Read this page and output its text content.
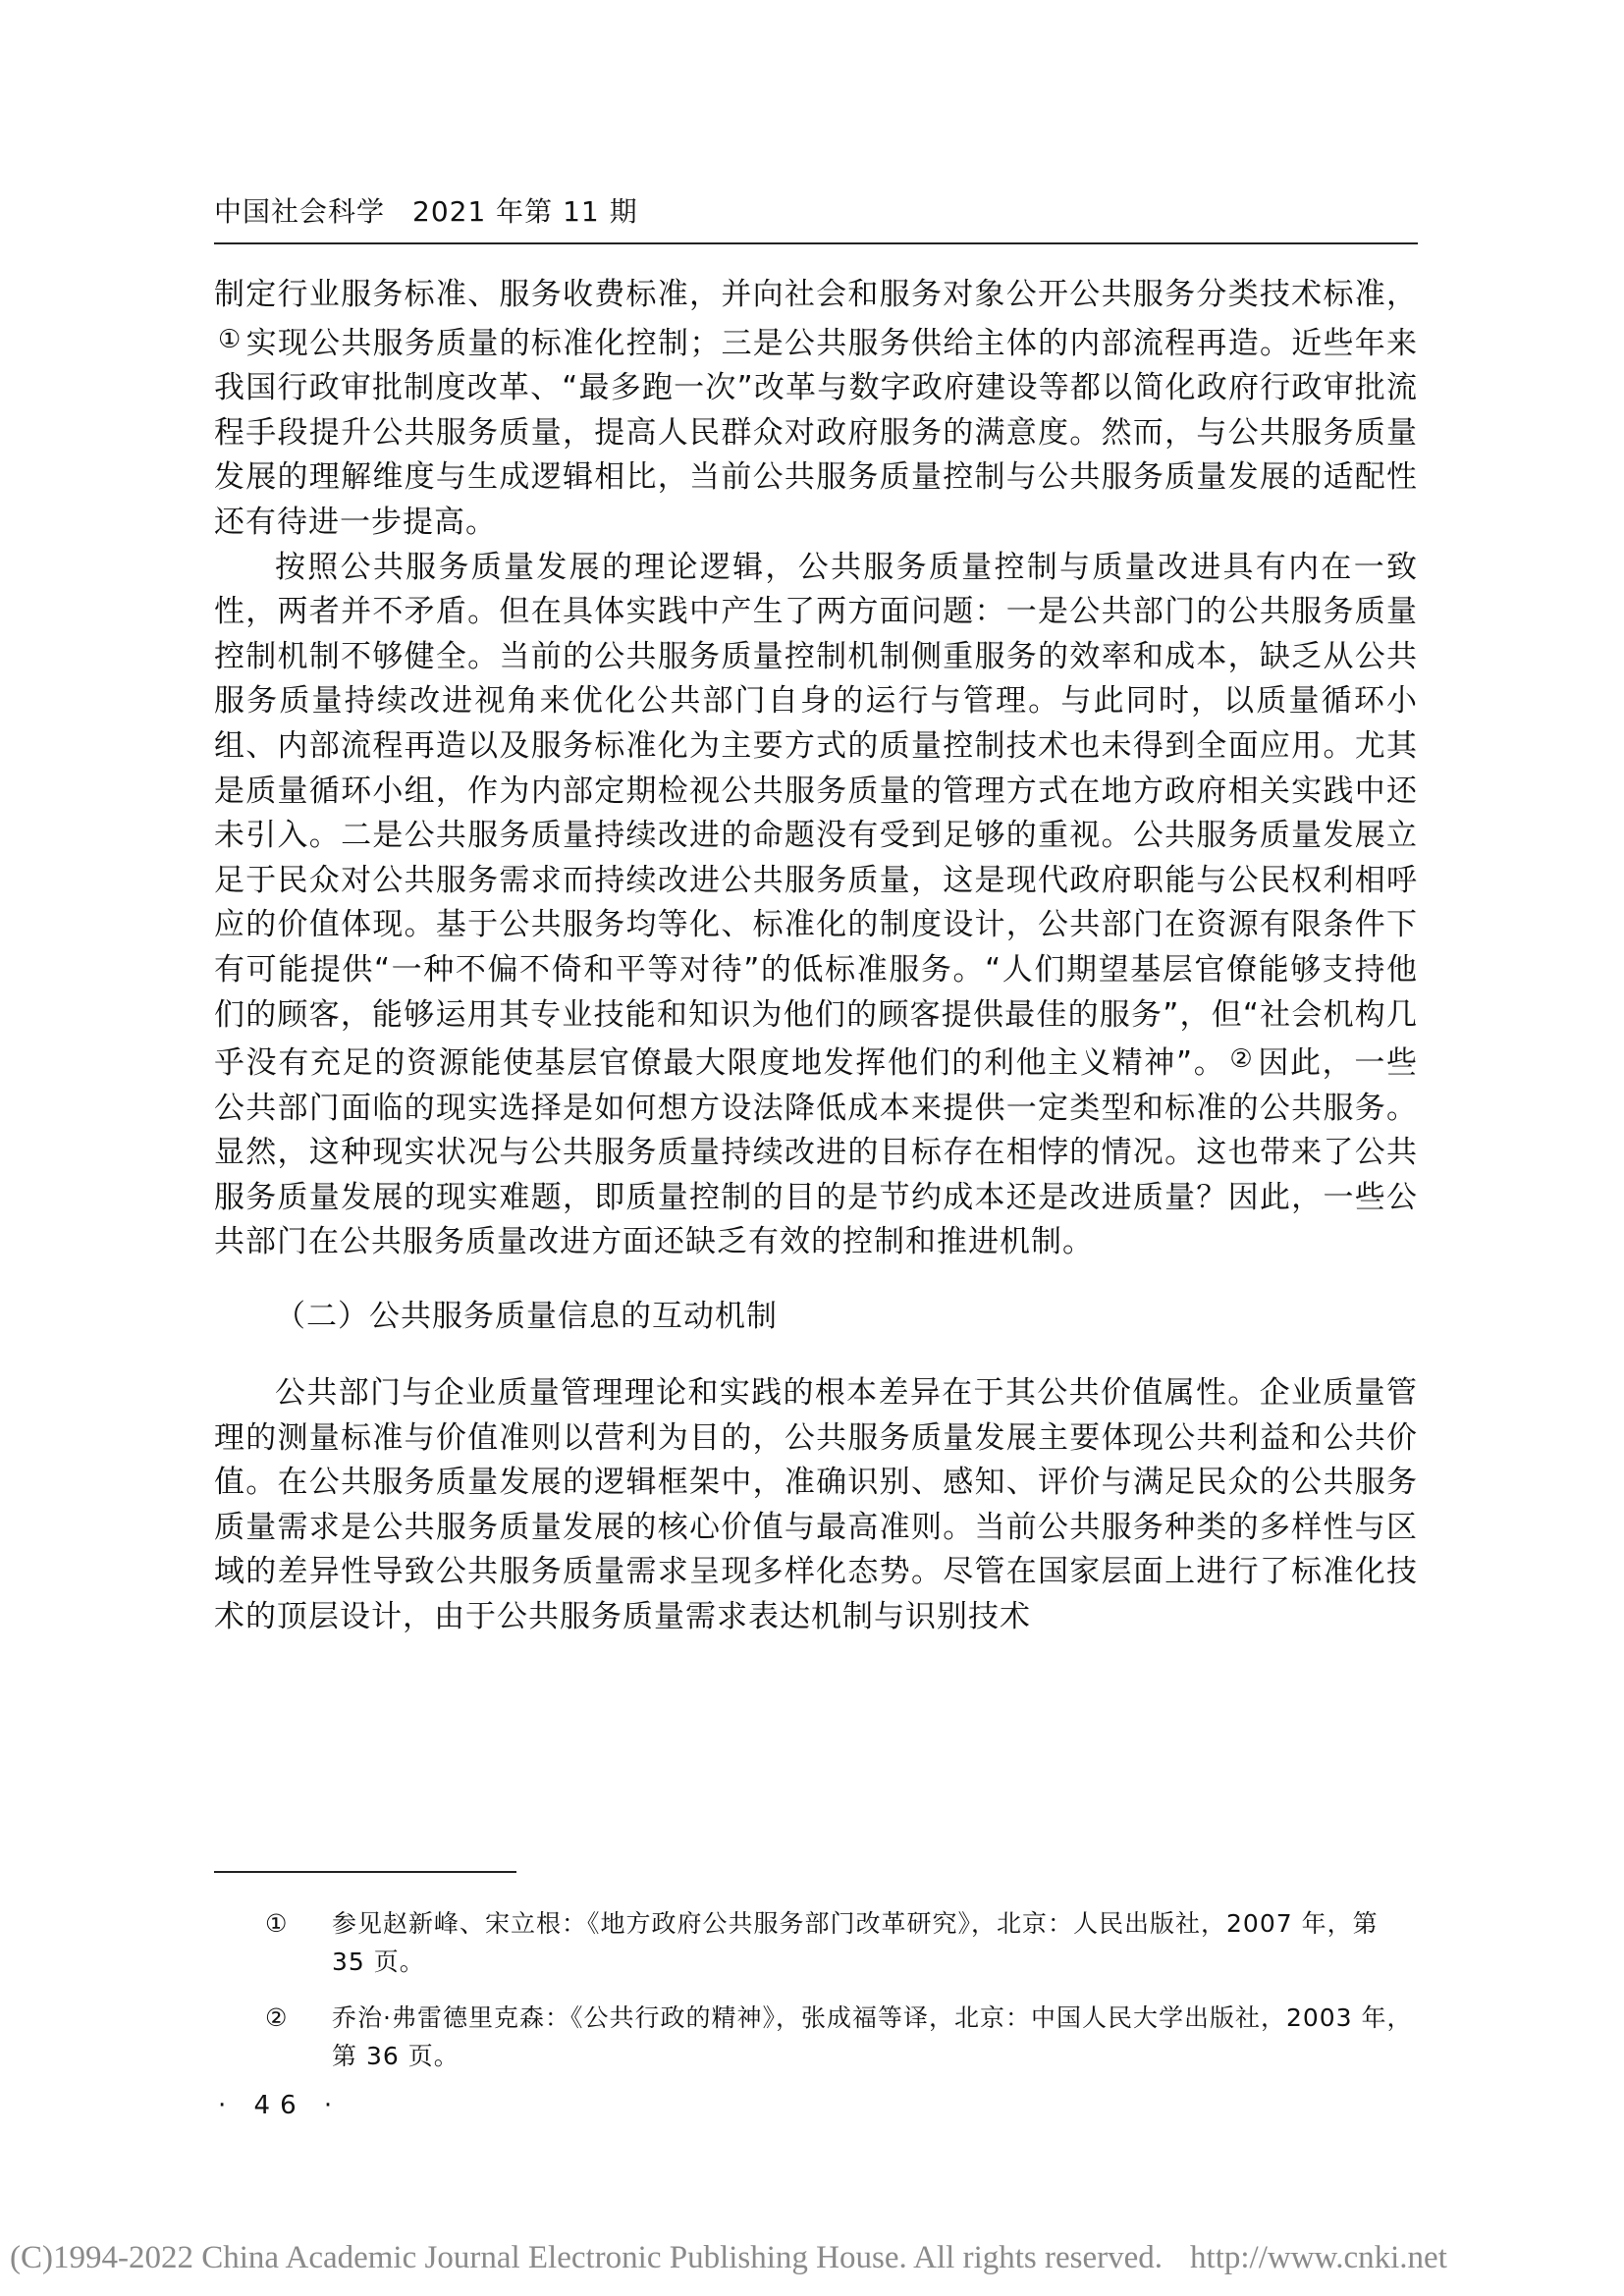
中国社会科学 2021 年第 11 期

制定行业服务标准、服务收费标准，并向社会和服务对象公开公共服务分类技术标准，① 实现公共服务质量的标准化控制；三是公共服务供给主体的内部流程再造。近些年来我国行政审批制度改革、“最多跑一次”改革与数字政府建设等都以简化政府行政审批流程手段提升公共服务质量，提高人民群众对政府服务的满意度。然而，与公共服务质量发展的理解维度与生成逻辑相比，当前公共服务质量控制与公共服务质量发展的适配性还有待进一步提高。

按照公共服务质量发展的理论逻辑，公共服务质量控制与质量改进具有内在一致性，两者并不矛盾。但在具体实践中产生了两方面问题：一是公共部门的公共服务质量控制机制不够健全。当前的公共服务质量控制机制侧重服务的效率和成本，缺乏从公共服务质量持续改进视角来优化公共部门自身的运行与管理。与此同时，以质量循环小组、内部流程再造以及服务标准化为主要方式的质量控制技术也未得到全面应用。尤其是质量循环小组，作为内部定期检视公共服务质量的管理方式在地方政府相关实践中还未引入。二是公共服务质量持续改进的命题没有受到足够的重视。公共服务质量发展立足于民众对公共服务需求而持续改进公共服务质量，这是现代政府职能与公民权利相呼应的价值体现。基于公共服务均等化、标准化的制度设计，公共部门在资源有限条件下有可能提供“一种不偏不倚和平等对待”的低标准服务。“人们期望基层官僚能够支持他们的顾客，能够运用其专业技能和知识为他们的顾客提供最佳的服务”，但“社会机构几乎没有充足的资源能使基层官僚最大限度地发挥他们的利他主义精神”。 ② 因此，一些公共部门面临的现实选择是如何想方设法降低成本来提供一定类型和标准的公共服务。显然，这种现实状况与公共服务质量持续改进的目标存在相悖的情况。这也带来了公共服务质量发展的现实难题，即质量控制的目的是节约成本还是改进质量？因此，一些公共部门在公共服务质量改进方面还缺乏有效的控制和推进机制。

（二）公共服务质量信息的互动机制

公共部门与企业质量管理理论和实践的根本差异在于其公共价值属性。企业质量管理的测量标准与价值准则以营利为目的，公共服务质量发展主要体现公共利益和公共价值。在公共服务质量发展的逻辑框架中，准确识别、感知、评价与满足民众的公共服务质量需求是公共服务质量发展的核心价值与最高准则。当前公共服务种类的多样性与区域的差异性导致公共服务质量需求呈现多样化态势。尽管在国家层面上进行了标准化技术的顶层设计，由于公共服务质量需求表达机制与识别技术

① 参见赵新峰、宋立根：《地方政府公共服务部门改革研究》，北京：人民出版社，2007 年，第 35 页。
② 乔治·弗雷德里克森：《公共行政的精神》，张成福等译，北京：中国人民大学出版社，2003 年，第 36 页。
· 46 ·
(C)1994-2022 China Academic Journal Electronic Publishing House. All rights reserved. http://www.cnki.net
